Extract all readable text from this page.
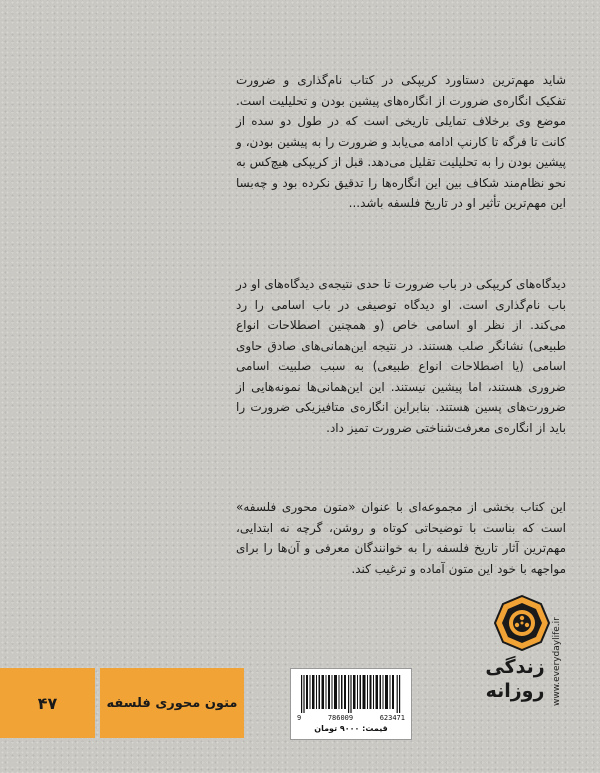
شاید مهم‌ترین دستاورد کریپکی در کتاب نام‌گذاری و ضرورت تفکیک انگاره‌ی ضرورت از انگاره‌های پیشین بودن و تحلیلیت است. موضع وی برخلاف تمایلی تاریخی است که در طول دو سده از کانت تا فرگه تا کارنپ ادامه می‌یابد و ضرورت را به پیشین بودن، و پیشین بودن را به تحلیلیت تقلیل می‌دهد. قبل از کریپکی هیچ‌کس به نحو نظام‌مند شکاف بین این انگاره‌ها را تدقیق نکرده بود و چه‌بسا این مهم‌ترین تأثیر او در تاریخ فلسفه باشد...

دیدگاه‌های کریپکی در باب ضرورت تا حدی نتیجه‌ی دیدگاه‌های او در باب نام‌گذاری است. او دیدگاه توصیفی در باب اسامی را رد می‌کند. از نظر او اسامی خاص (و همچنین اصطلاحات انواع طبیعی) نشانگر صلب هستند. در نتیجه این‌همانی‌های صادق حاوی اسامی (یا اصطلاحات انواع طبیعی) به سبب صلبیت اسامی ضروری هستند، اما پیشین نیستند. این این‌همانی‌ها نمونه‌هایی از ضرورت‌های پسین هستند. بنابراین انگاره‌ی متافیزیکی ضرورت را باید از انگاره‌ی معرفت‌شناختی ضرورت تمیز داد.

این کتاب بخشی از مجموعه‌ای با عنوان «متون محوری فلسفه» است که بناست با توضیحاتی کوتاه و روشن، گرچه نه ابتدایی، مهم‌ترین آثار تاریخ فلسفه را به خوانندگان معرفی و آن‌ها را برای مواجهه با خود این متون آماده و ترغیب کند.

www.everydaylife.ir
زندگی
روزانه
9	786009	623471
قیمت: ۹۰۰۰ تومان
متون محوری فلسفه
۴۷
